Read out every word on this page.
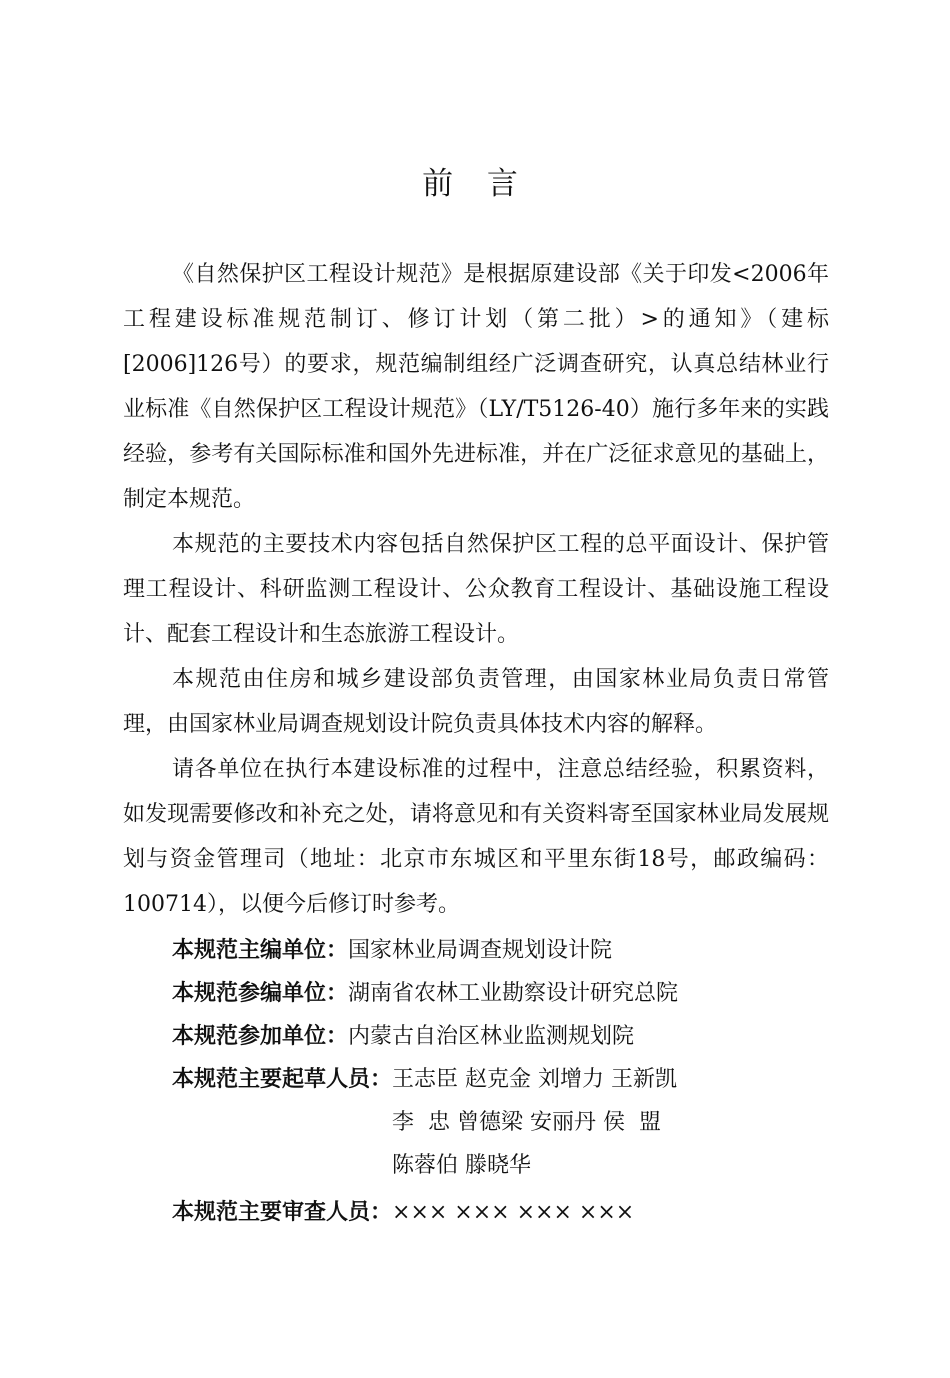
前 言

《自然保护区工程设计规范》是根据原建设部《关于印发<2006年工程建设标准规范制订、修订计划（第二批）>的通知》（建标[2006]126号）的要求，规范编制组经广泛调查研究，认真总结林业行业标准《自然保护区工程设计规范》（LY/T5126-40）施行多年来的实践经验，参考有关国际标准和国外先进标准，并在广泛征求意见的基础上，制定本规范。

本规范的主要技术内容包括自然保护区工程的总平面设计、保护管理工程设计、科研监测工程设计、公众教育工程设计、基础设施工程设计、配套工程设计和生态旅游工程设计。

本规范由住房和城乡建设部负责管理，由国家林业局负责日常管理，由国家林业局调查规划设计院负责具体技术内容的解释。

请各单位在执行本建设标准的过程中，注意总结经验，积累资料，如发现需要修改和补充之处，请将意见和有关资料寄至国家林业局发展规划与资金管理司（地址：北京市东城区和平里东街18号，邮政编码：100714），以便今后修订时参考。

本规范主编单位： 国家林业局调查规划设计院
本规范参编单位： 湖南省农林工业勘察设计研究总院
本规范参加单位： 内蒙古自治区林业监测规划院
本规范主要起草人员： 王志臣 赵克金 刘增力 王新凯
李  忠 曾德梁 安丽丹 侯  盟
陈蓉伯 滕晓华
本规范主要审查人员： ××× ××× ××× ×××
